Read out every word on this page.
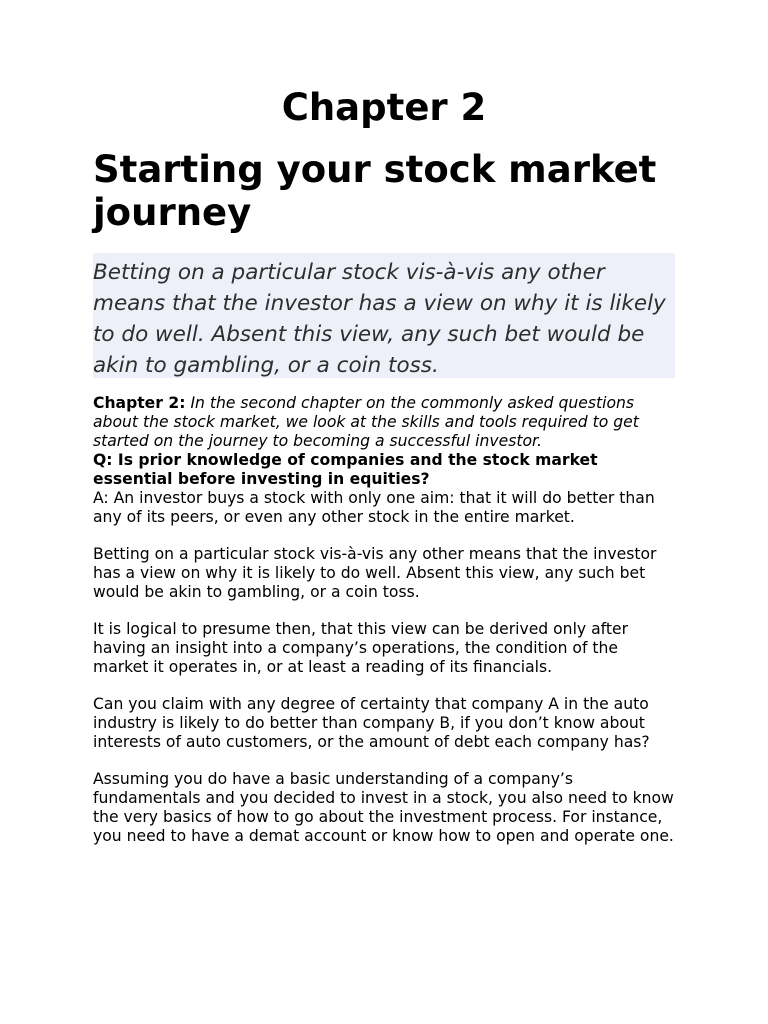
Chapter 2
Starting your stock market journey
Betting on a particular stock vis-à-vis any other means that the investor has a view on why it is likely to do well. Absent this view, any such bet would be akin to gambling, or a coin toss.

Chapter 2: In the second chapter on the commonly asked questions about the stock market, we look at the skills and tools required to get started on the journey to becoming a successful investor.

Q: Is prior knowledge of companies and the stock market essential before investing in equities?

A: An investor buys a stock with only one aim: that it will do better than any of its peers, or even any other stock in the entire market.

Betting on a particular stock vis-à-vis any other means that the investor has a view on why it is likely to do well. Absent this view, any such bet would be akin to gambling, or a coin toss.

It is logical to presume then, that this view can be derived only after having an insight into a company’s operations, the condition of the market it operates in, or at least a reading of its financials.

Can you claim with any degree of certainty that company A in the auto industry is likely to do better than company B, if you don’t know about interests of auto customers, or the amount of debt each company has?

Assuming you do have a basic understanding of a company’s fundamentals and you decided to invest in a stock, you also need to know the very basics of how to go about the investment process. For instance, you need to have a demat account or know how to open and operate one.
